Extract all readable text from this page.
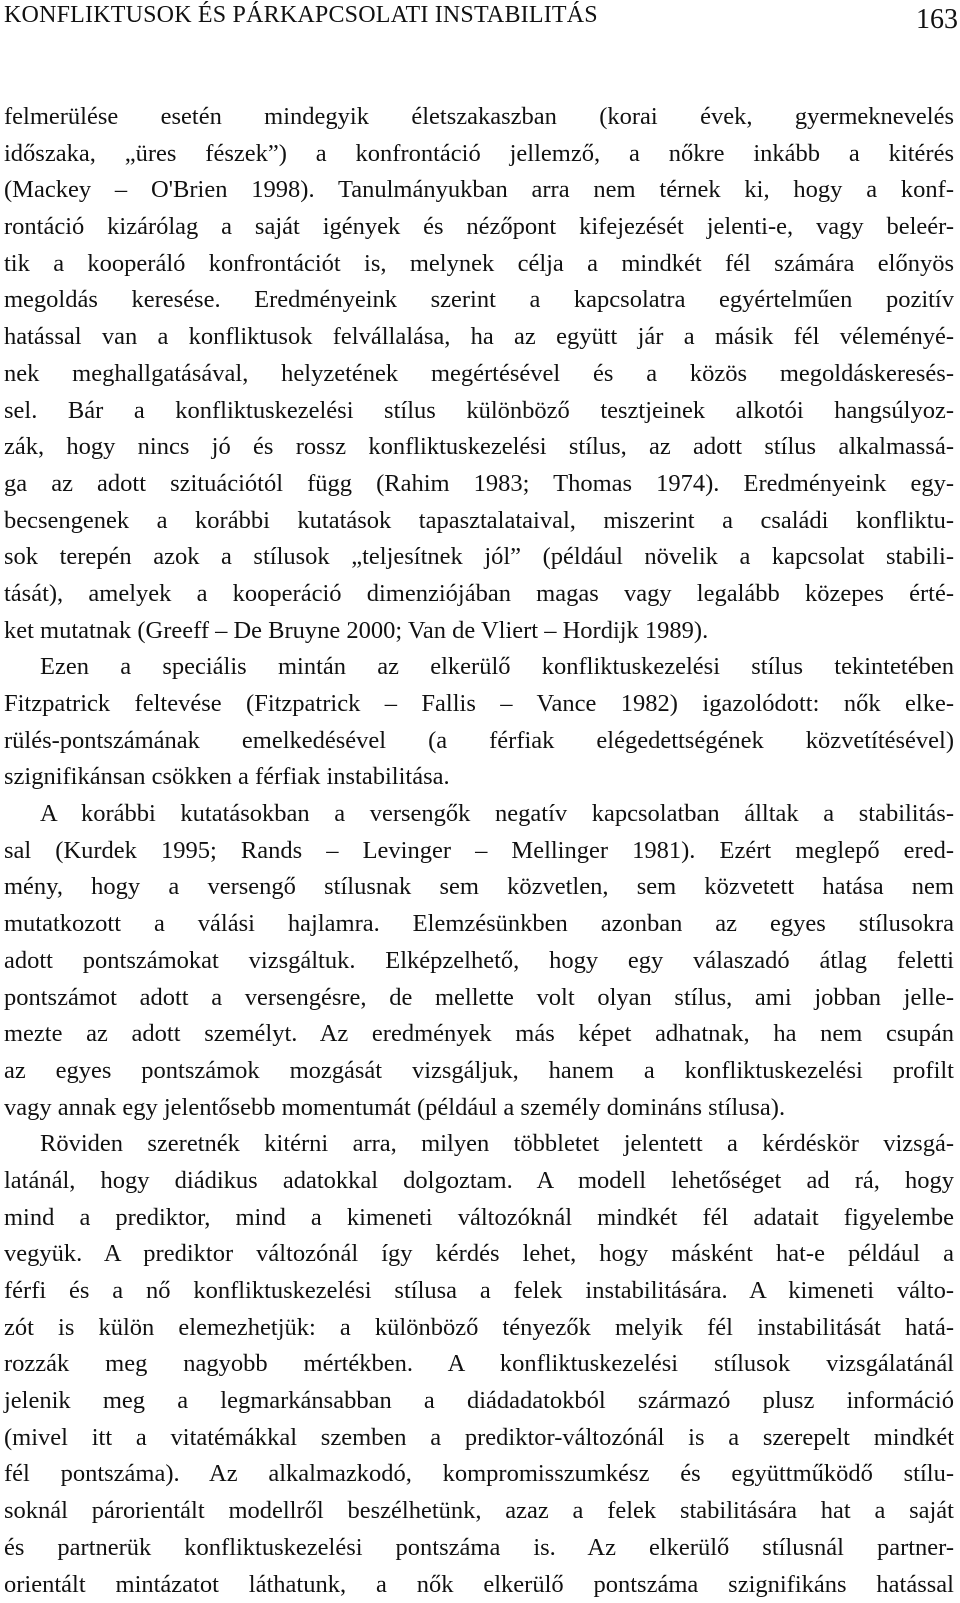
KONFLIKTUSOK ÉS PÁRKAPCSOLATI INSTABILITÁS	163
felmerülése esetén mindegyik életszakaszban (korai évek, gyermeknevelés
időszaka, „üres fészek”) a konfrontáció jellemző, a nőkre inkább a kitérés
(Mackey – O'Brien 1998). Tanulmányukban arra nem térnek ki, hogy a konf-
rontáció kizárólag a saját igények és nézőpont kifejezését jelenti-e, vagy beleér-
tik a kooperáló konfrontációt is, melynek célja a mindkét fél számára előnyös
megoldás keresése. Eredményeink szerint a kapcsolatra egyértelműen pozitív
hatással van a konfliktusok felvállalása, ha az együtt jár a másik fél véleményé-
nek meghallgatásával, helyzetének megértésével és a közös megoldáskeresés-
sel. Bár a konfliktuskezelési stílus különböző tesztjeinek alkotói hangsúlyoz-
zák, hogy nincs jó és rossz konfliktuskezelési stílus, az adott stílus alkalmassá-
ga az adott szituációtól függ (Rahim 1983; Thomas 1974). Eredményeink egy-
becsengenek a korábbi kutatások tapasztalataival, miszerint a családi konfliktu-
sok terepén azok a stílusok „teljesítnek jól” (például növelik a kapcsolat stabili-
tását), amelyek a kooperáció dimenziójában magas vagy legalább közepes érté-
ket mutatnak (Greeff – De Bruyne 2000; Van de Vliert – Hordijk 1989).
Ezen a speciális mintán az elkerülő konfliktuskezelési stílus tekintetében
Fitzpatrick feltevése (Fitzpatrick – Fallis – Vance 1982) igazolódott: nők elke-
rülés-pontszámának emelkedésével (a férfiak elégedettségének közvetítésével)
szignifikánsan csökken a férfiak instabilitása.
A korábbi kutatásokban a versengők negatív kapcsolatban álltak a stabilitás-
sal (Kurdek 1995; Rands – Levinger – Mellinger 1981). Ezért meglepő ered-
mény, hogy a versengő stílusnak sem közvetlen, sem közvetett hatása nem
mutatkozott a válási hajlamra. Elemzésünkben azonban az egyes stílusokra
adott pontszámokat vizsgáltuk. Elképzelhető, hogy egy válaszadó átlag feletti
pontszámot adott a versengésre, de mellette volt olyan stílus, ami jobban jelle-
mezte az adott személyt. Az eredmények más képet adhatnak, ha nem csupán
az egyes pontszámok mozgását vizsgáljuk, hanem a konfliktuskezelési profilt
vagy annak egy jelentősebb momentumát (például a személy domináns stílusa).
Röviden szeretnék kitérni arra, milyen többletet jelentett a kérdéskör vizsgá-
latánál, hogy diádikus adatokkal dolgoztam. A modell lehetőséget ad rá, hogy
mind a prediktor, mind a kimeneti változóknál mindkét fél adatait figyelembe
vegyük. A prediktor változónál így kérdés lehet, hogy másként hat-e például a
férfi és a nő konfliktuskezelési stílusa a felek instabilitására. A kimeneti válto-
zót is külön elemezhetjük: a különböző tényezők melyik fél instabilitását hatá-
rozzák meg nagyobb mértékben. A konfliktuskezelési stílusok vizsgálatánál
jelenik meg a legmarkánsabban a diádadatokból származó plusz információ
(mivel itt a vitatémákkal szemben a prediktor-változónál is a szerepelt mindkét
fél pontszáma). Az alkalmazkodó, kompromisszumkész és együttműködő stílu-
soknál párorientált modellről beszélhetünk, azaz a felek stabilitására hat a saját
és partnerük konfliktuskezelési pontszáma is. Az elkerülő stílusnál partner-
orientált mintázatot láthatunk, a nők elkerülő pontszáma szignifikáns hatással
